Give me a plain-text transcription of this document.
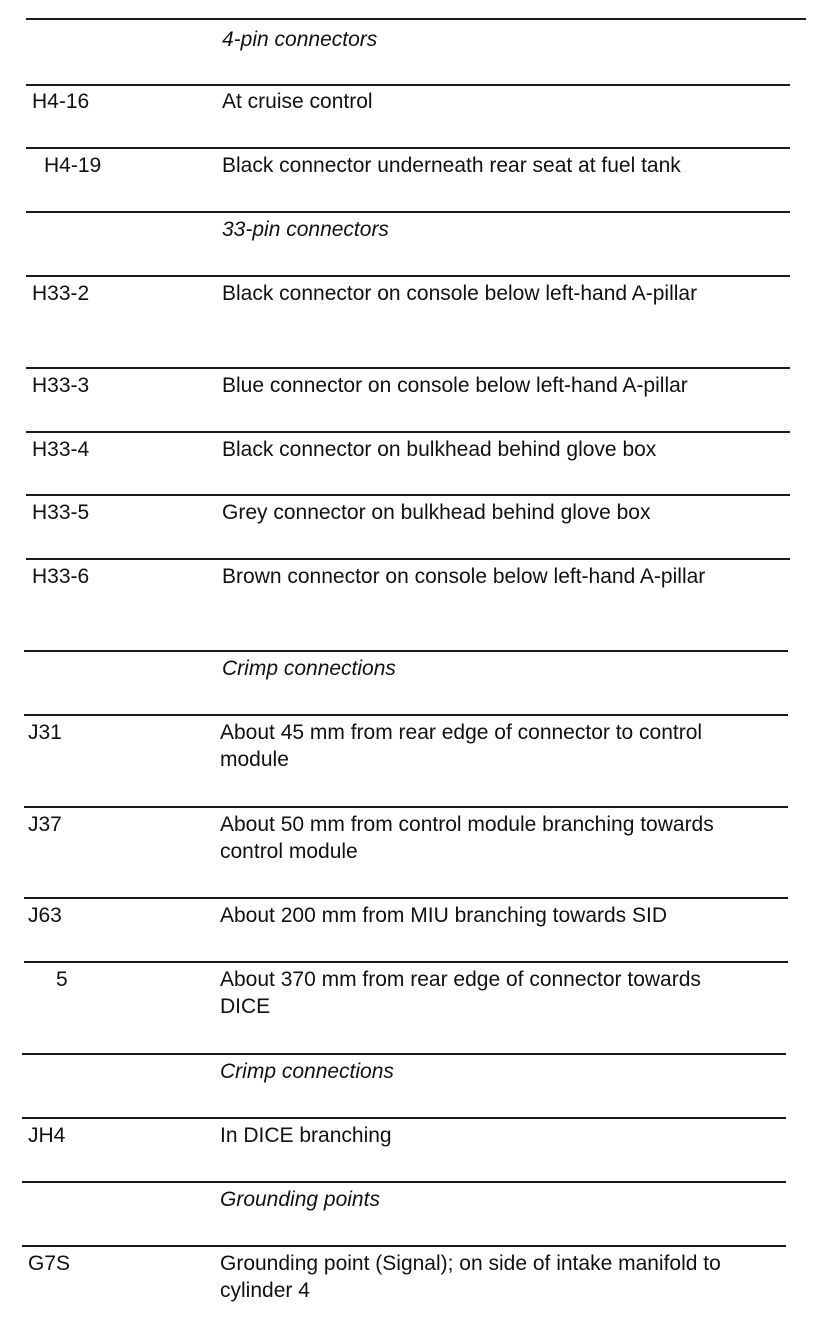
4-pin connectors
H4-16	At cruise control
H4-19	Black connector underneath rear seat at fuel tank
33-pin connectors
H33-2	Black connector on console below left-hand A-pillar
H33-3	Blue connector on console below left-hand A-pillar
H33-4	Black connector on bulkhead behind glove box
H33-5	Grey connector on bulkhead behind glove box
H33-6	Brown connector on console below left-hand A-pillar
Crimp connections
J31	About 45 mm from rear edge of connector to control module
J37	About 50 mm from control module branching towards control module
J63	About 200 mm from MIU branching towards SID
5	About 370 mm from rear edge of connector towards DICE
Crimp connections
JH4	In DICE branching
Grounding points
G7S	Grounding point (Signal); on side of intake manifold to cylinder 4
